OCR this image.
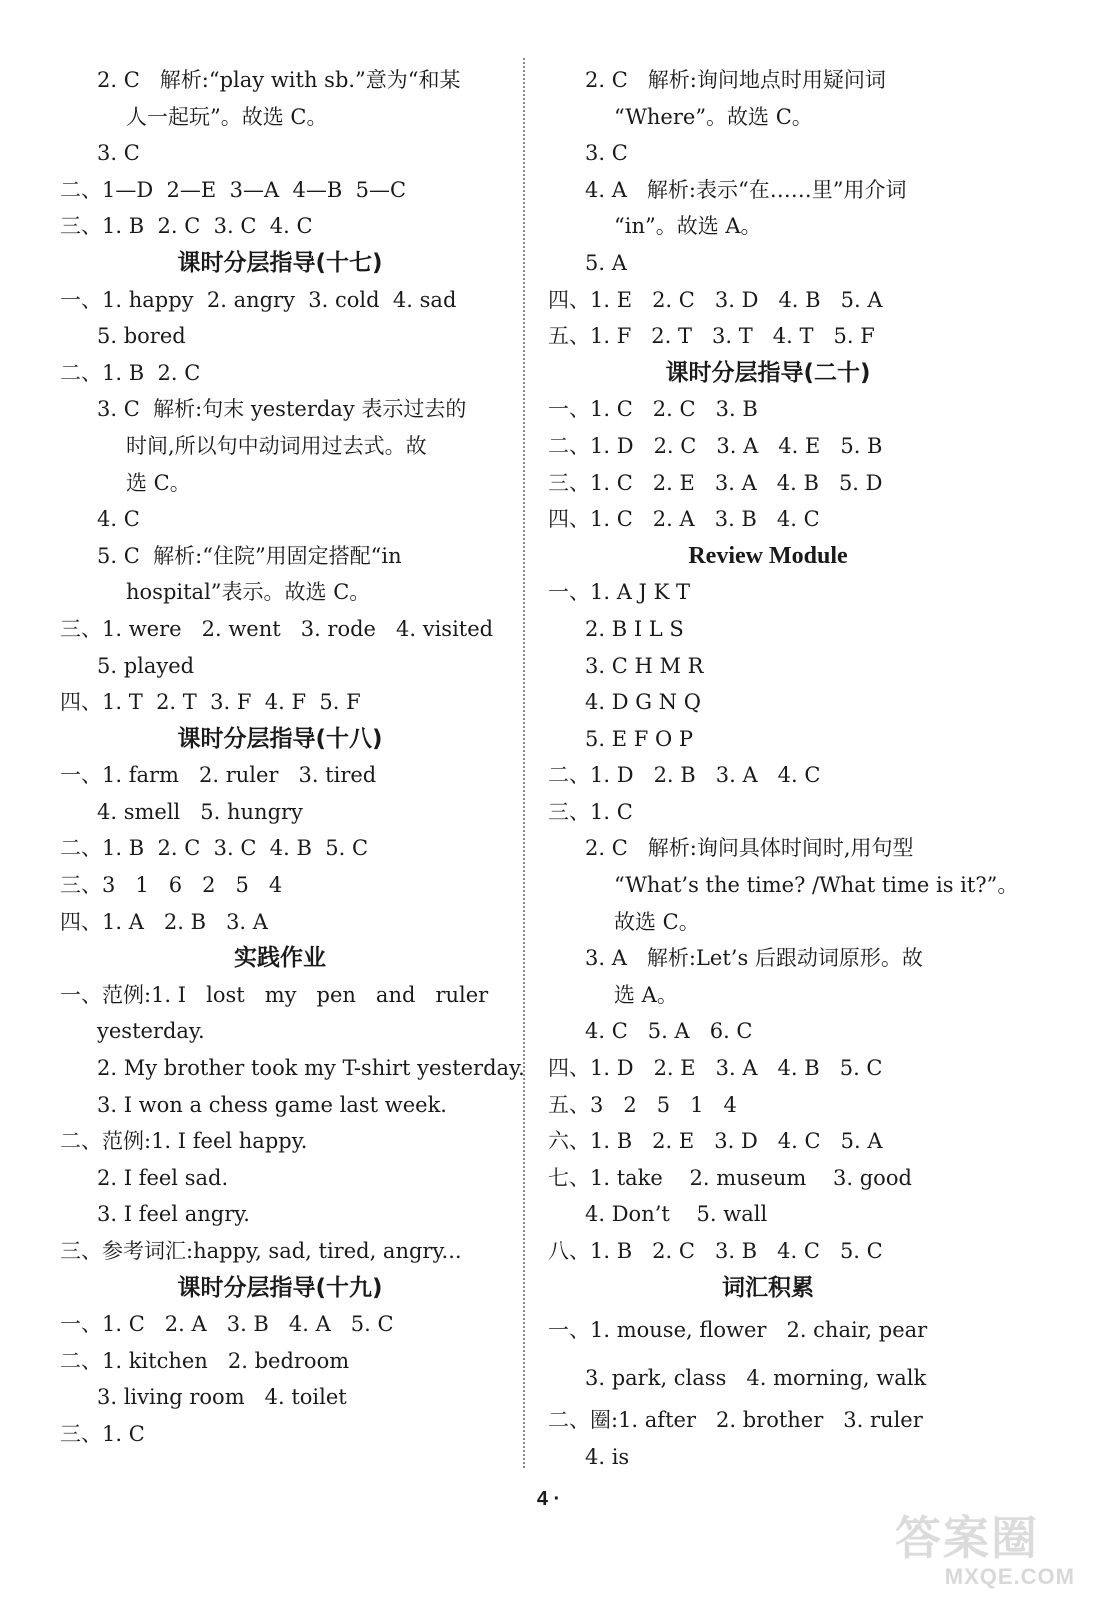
2. C   解析:“play with sb.”意为“和某
人一起玩”。故选 C。
3. C
二、1—D  2—E  3—A  4—B  5—C
三、1. B  2. C  3. C  4. C
课时分层指导(十七)
一、1. happy  2. angry  3. cold  4. sad
5. bored
二、1. B  2. C
3. C  解析:句末 yesterday 表示过去的
时间,所以句中动词用过去式。故
选 C。
4. C
5. C  解析:“住院”用固定搭配“in
hospital”表示。故选 C。
三、1. were   2. went   3. rode   4. visited
5. played
四、1. T  2. T  3. F  4. F  5. F
课时分层指导(十八)
一、1. farm   2. ruler   3. tired
4. smell   5. hungry
二、1. B  2. C  3. C  4. B  5. C
三、3   1   6   2   5   4
四、1. A   2. B   3. A
实践作业
一、范例:1. I   lost   my   pen   and   ruler
yesterday.
2. My brother took my T-shirt yesterday.
3. I won a chess game last week.
二、范例:1. I feel happy.
2. I feel sad.
3. I feel angry.
三、参考词汇:happy, sad, tired, angry...
课时分层指导(十九)
一、1. C   2. A   3. B   4. A   5. C
二、1. kitchen   2. bedroom
3. living room   4. toilet
三、1. C
2. C   解析:询问地点时用疑问词
“Where”。故选 C。
3. C
4. A   解析:表示“在……里”用介词
“in”。故选 A。
5. A
四、1. E   2. C   3. D   4. B   5. A
五、1. F   2. T   3. T   4. T   5. F
课时分层指导(二十)
一、1. C   2. C   3. B
二、1. D   2. C   3. A   4. E   5. B
三、1. C   2. E   3. A   4. B   5. D
四、1. C   2. A   3. B   4. C
Review Module
一、1. A J K T
2. B I L S
3. C H M R
4. D G N Q
5. E F O P
二、1. D   2. B   3. A   4. C
三、1. C
2. C   解析:询问具体时间时,用句型
“What’s the time? /What time is it?”。
故选 C。
3. A   解析:Let’s 后跟动词原形。故
选 A。
4. C   5. A   6. C
四、1. D   2. E   3. A   4. B   5. C
五、3   2   5   1   4
六、1. B   2. E   3. D   4. C   5. A
七、1. take    2. museum    3. good
4. Don’t    5. wall
八、1. B   2. C   3. B   4. C   5. C
词汇积累
一、1. mouse, flower   2. chair, pear
3. park, class   4. morning, walk
二、圈:1. after   2. brother   3. ruler
4. is
4 ·
答案圈
MXQE.COM
